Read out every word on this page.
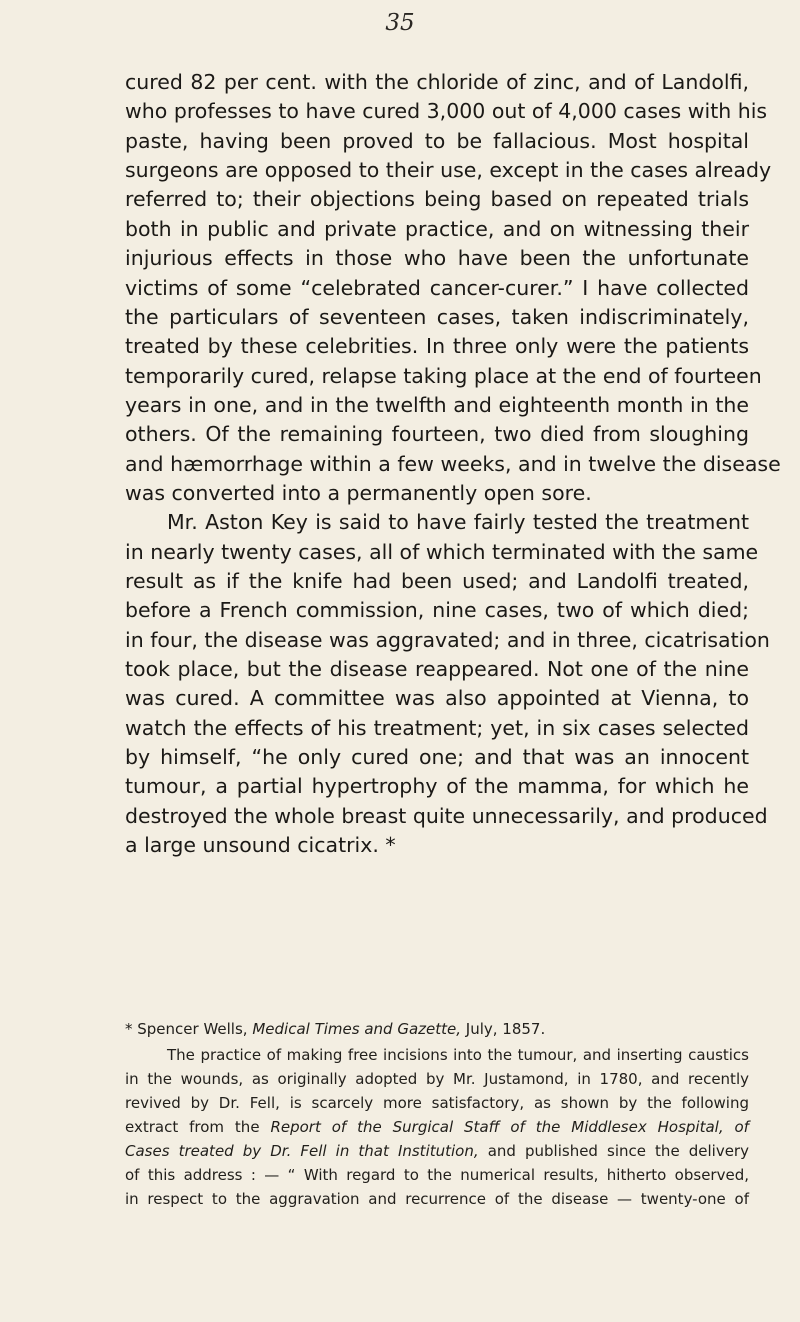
35
cured 82 per cent. with the chloride of zinc, and of Landolfi,
who professes to have cured 3,000 out of 4,000 cases with his
paste, having been proved to be fallacious. Most hospital
surgeons are opposed to their use, except in the cases already
referred to; their objections being based on repeated trials
both in public and private practice, and on witnessing their
injurious effects in those who have been the unfortunate
victims of some “celebrated cancer-curer.” I have collected
the particulars of seventeen cases, taken indiscriminately,
treated by these celebrities. In three only were the patients
temporarily cured, relapse taking place at the end of fourteen
years in one, and in the twelfth and eighteenth month in the
others. Of the remaining fourteen, two died from sloughing
and hæmorrhage within a few weeks, and in twelve the disease
was converted into a permanently open sore.
Mr. Aston Key is said to have fairly tested the treatment
in nearly twenty cases, all of which terminated with the same
result as if the knife had been used; and Landolfi treated,
before a French commission, nine cases, two of which died;
in four, the disease was aggravated; and in three, cicatrisation
took place, but the disease reappeared. Not one of the nine
was cured. A committee was also appointed at Vienna, to
watch the effects of his treatment; yet, in six cases selected
by himself, “he only cured one; and that was an innocent
tumour, a partial hypertrophy of the mamma, for which he
destroyed the whole breast quite unnecessarily, and produced
a large unsound cicatrix. *
* Spencer Wells, Medical Times and Gazette, July, 1857.
The practice of making free incisions into the tumour, and inserting caustics
in the wounds, as originally adopted by Mr. Justamond, in 1780, and recently
revived by Dr. Fell, is scarcely more satisfactory, as shown by the following
extract from the Report of the Surgical Staff of the Middlesex Hospital, of
Cases treated by Dr. Fell in that Institution, and published since the delivery
of this address : — “ With regard to the numerical results, hitherto observed,
in respect to the aggravation and recurrence of the disease — twenty-one of
